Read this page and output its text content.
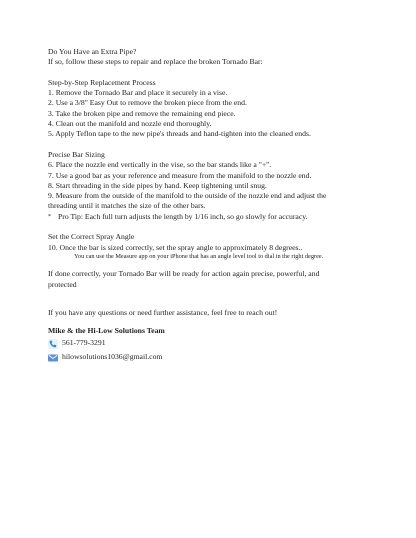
Do You Have an Extra Pipe?

If so, follow these steps to repair and replace the broken Tornado Bar:

Step-by-Step Replacement Process

1. Remove the Tornado Bar and place it securely in a vise.

2. Use a 3/8" Easy Out to remove the broken piece from the end.

3. Take the broken pipe and remove the remaining end piece.

4. Clean out the manifold and nozzle end thoroughly.

5. Apply Teflon tape to the new pipe's threads and hand-tighten into the cleaned ends.

Precise Bar Sizing

6. Place the nozzle end vertically in the vise, so the bar stands like a "+".

7. Use a good bar as your reference and measure from the manifold to the nozzle end.

8. Start threading in the side pipes by hand. Keep tightening until snug.

9. Measure from the outside of the manifold to the outside of the nozzle end and adjust the

threading until it matches the size of the other bars.

* Pro Tip: Each full turn adjusts the length by 1/16 inch, so go slowly for accuracy.

Set the Correct Spray Angle

10. Once the bar is sized correctly, set the spray angle to approximately 8 degrees..

You can use the Measure app on your iPhone that has an angle level tool to dial in the right degree.

If done correctly, your Tornado Bar will be ready for action again precise, powerful, and

protected

If you have any questions or need further assistance, feel free to reach out!

Mike & the Hi-Low Solutions Team

561-779-3291
hilowsolutions1036@gmail.com
